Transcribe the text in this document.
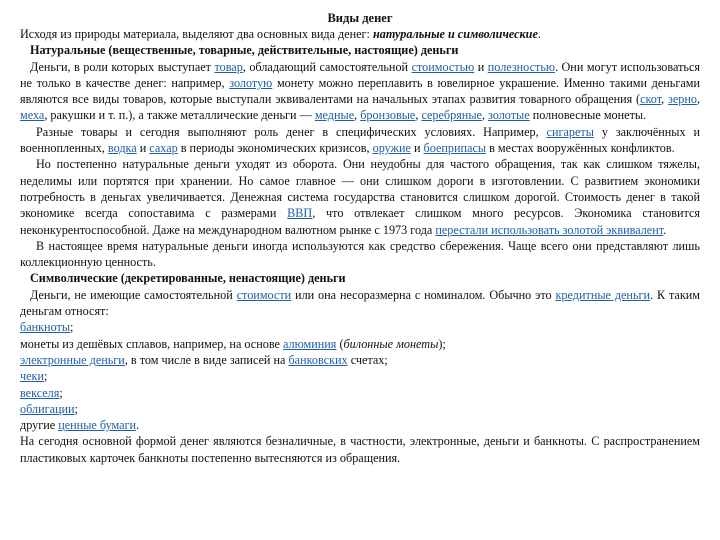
Виды денег

Исходя из природы материала, выделяют два основных вида денег: натуральные и символические.

Натуральные (вещественные, товарные, действительные, настоящие) деньги

Деньги, в роли которых выступает товар, обладающий самостоятельной стоимостью и полезностью. Они могут использоваться не только в качестве денег: например, золотую монету можно переплавить в ювелирное украшение. Именно такими деньгами являются все виды товаров, которые выступали эквивалентами на начальных этапах развития товарного обращения (скот, зерно, меха, ракушки и т. п.), а также металлические деньги — медные, бронзовые, серебряные, золотые полновесные монеты.

Разные товары и сегодня выполняют роль денег в специфических условиях. Например, сигареты у заключённых и военнопленных, водка и сахар в периоды экономических кризисов, оружие и боеприпасы в местах вооружённых конфликтов.

Но постепенно натуральные деньги уходят из оборота. Они неудобны для частого обращения, так как слишком тяжелы, неделимы или портятся при хранении. Но самое главное — они слишком дороги в изготовлении. С развитием экономики потребность в деньгах увеличивается. Денежная система государства становится слишком дорогой. Стоимость денег в такой экономике всегда сопоставима с размерами ВВП, что отвлекает слишком много ресурсов. Экономика становится неконкурентоспособной. Даже на международном валютном рынке с 1973 года перестали использовать золотой эквивалент.

В настоящее время натуральные деньги иногда используются как средство сбережения. Чаще всего они представляют лишь коллекционную ценность.

Символические (декретированные, ненастоящие) деньги

Деньги, не имеющие самостоятельной стоимости или она несоразмерна с номиналом. Обычно это кредитные деньги. К таким деньгам относят:

банкноты;

монеты из дешёвых сплавов, например, на основе алюминия (билонные монеты);

электронные деньги, в том числе в виде записей на банковских счетах;

чеки;

векселя;

облигации;

другие ценные бумаги.

На сегодня основной формой денег являются безналичные, в частности, электронные, деньги и банкноты. С распространением пластиковых карточек банкноты постепенно вытесняются из обращения.
